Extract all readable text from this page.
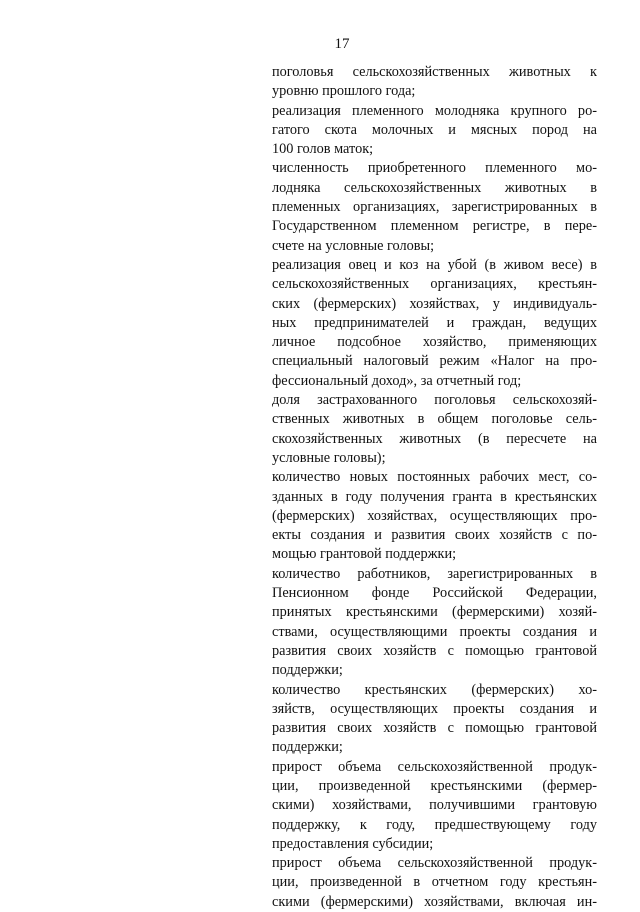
17
поголовья сельскохозяйственных животных к
уровню прошлого года;
реализация племенного молодняка крупного ро-
гатого скота молочных и мясных пород на
100 голов маток;
численность приобретенного племенного мо-
лодняка сельскохозяйственных животных в
племенных организациях, зарегистрированных в
Государственном племенном регистре, в пере-
счете на условные головы;
реализация овец и коз на убой (в живом весе) в
сельскохозяйственных организациях, крестьян-
ских (фермерских) хозяйствах, у индивидуаль-
ных предпринимателей и граждан, ведущих
личное подсобное хозяйство, применяющих
специальный налоговый режим «Налог на про-
фессиональный доход», за отчетный год;
доля застрахованного поголовья сельскохозяй-
ственных животных в общем поголовье сель-
скохозяйственных животных (в пересчете на
условные головы);
количество новых постоянных рабочих мест, со-
зданных в году получения гранта в крестьянских
(фермерских) хозяйствах, осуществляющих про-
екты создания и развития своих хозяйств с по-
мощью грантовой поддержки;
количество работников, зарегистрированных в
Пенсионном фонде Российской Федерации,
принятых крестьянскими (фермерскими) хозяй-
ствами, осуществляющими проекты создания и
развития своих хозяйств с помощью грантовой
поддержки;
количество крестьянских (фермерских) хо-
зяйств, осуществляющих проекты создания и
развития своих хозяйств с помощью грантовой
поддержки;
прирост объема сельскохозяйственной продук-
ции, произведенной крестьянскими (фермер-
скими) хозяйствами, получившими грантовую
поддержку, к году, предшествующему году
предоставления субсидии;
прирост объема сельскохозяйственной продук-
ции, произведенной в отчетном году крестьян-
скими (фермерскими) хозяйствами, включая ин-
